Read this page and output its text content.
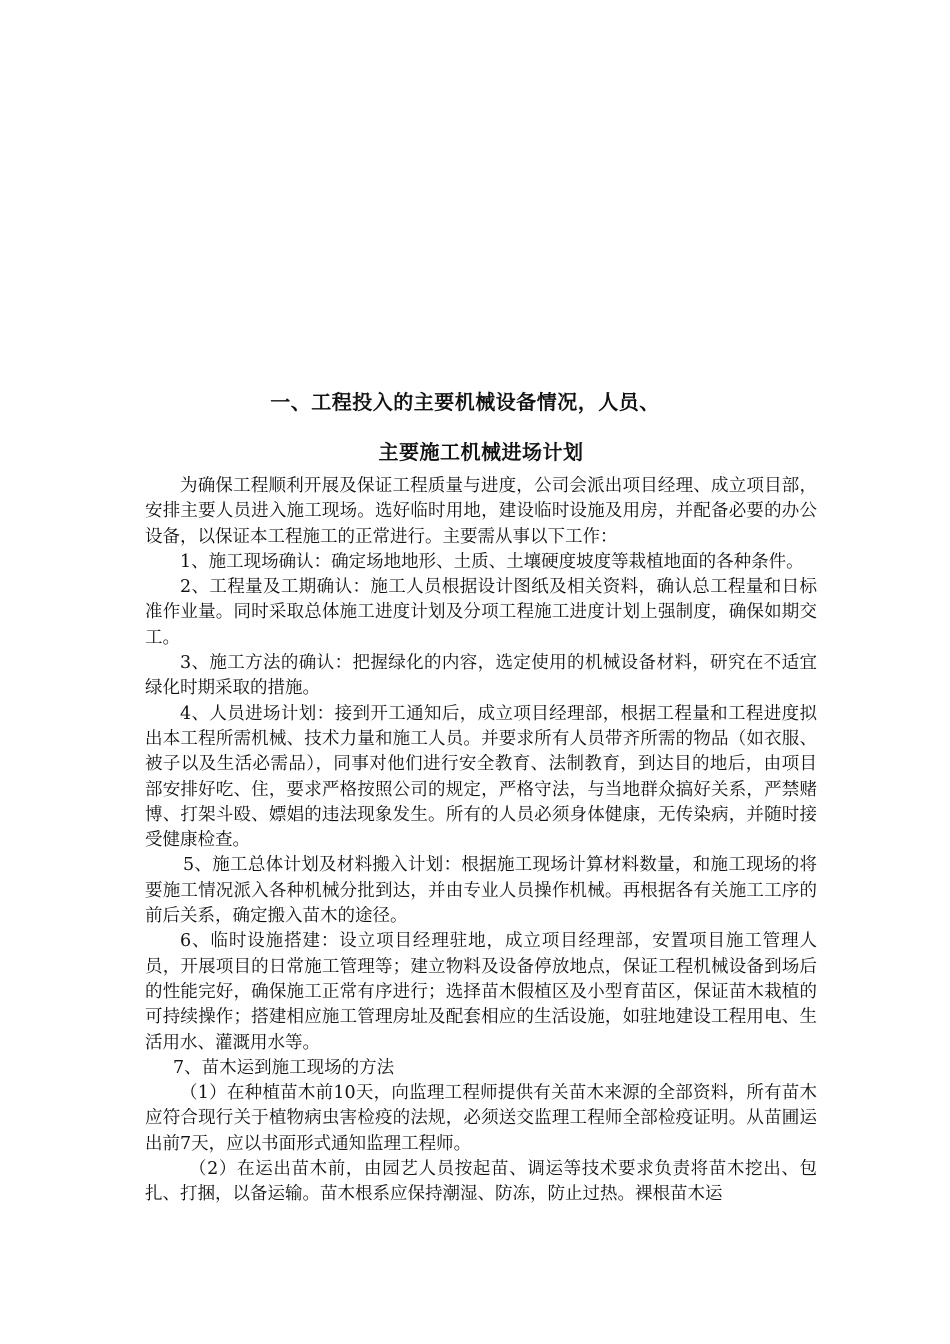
一、工程投入的主要机械设备情况，人员、
主要施工机械进场计划

为确保工程顺利开展及保证工程质量与进度，公司会派出项目经理、成立项目部，安排主要人员进入施工现场。选好临时用地，建设临时设施及用房，并配备必要的办公设备，以保证本工程施工的正常进行。主要需从事以下工作：

1、施工现场确认：确定场地地形、土质、土壤硬度坡度等栽植地面的各种条件。

2、工程量及工期确认：施工人员根据设计图纸及相关资料，确认总工程量和日标准作业量。同时采取总体施工进度计划及分项工程施工进度计划上强制度，确保如期交工。

3、施工方法的确认：把握绿化的内容，选定使用的机械设备材料，研究在不适宜绿化时期采取的措施。

4、人员进场计划：接到开工通知后，成立项目经理部，根据工程量和工程进度拟出本工程所需机械、技术力量和施工人员。并要求所有人员带齐所需的物品（如衣服、被子以及生活必需品），同事对他们进行安全教育、法制教育，到达目的地后，由项目部安排好吃、住，要求严格按照公司的规定，严格守法，与当地群众搞好关系，严禁赌博、打架斗殴、嫖娼的违法现象发生。所有的人员必须身体健康，无传染病，并随时接受健康检查。

5、施工总体计划及材料搬入计划：根据施工现场计算材料数量，和施工现场的将要施工情况派入各种机械分批到达，并由专业人员操作机械。再根据各有关施工工序的前后关系，确定搬入苗木的途径。

6、临时设施搭建：设立项目经理驻地，成立项目经理部，安置项目施工管理人员，开展项目的日常施工管理等；建立物料及设备停放地点，保证工程机械设备到场后的性能完好，确保施工正常有序进行；选择苗木假植区及小型育苗区，保证苗木栽植的可持续操作；搭建相应施工管理房址及配套相应的生活设施，如驻地建设工程用电、生活用水、灌溉用水等。

7、苗木运到施工现场的方法

（1）在种植苗木前10天，向监理工程师提供有关苗木来源的全部资料，所有苗木应符合现行关于植物病虫害检疫的法规，必须送交监理工程师全部检疫证明。从苗圃运出前7天，应以书面形式通知监理工程师。

（2）在运出苗木前，由园艺人员按起苗、调运等技术要求负责将苗木挖出、包扎、打捆，以备运输。苗木根系应保持潮湿、防冻，防止过热。裸根苗木运
